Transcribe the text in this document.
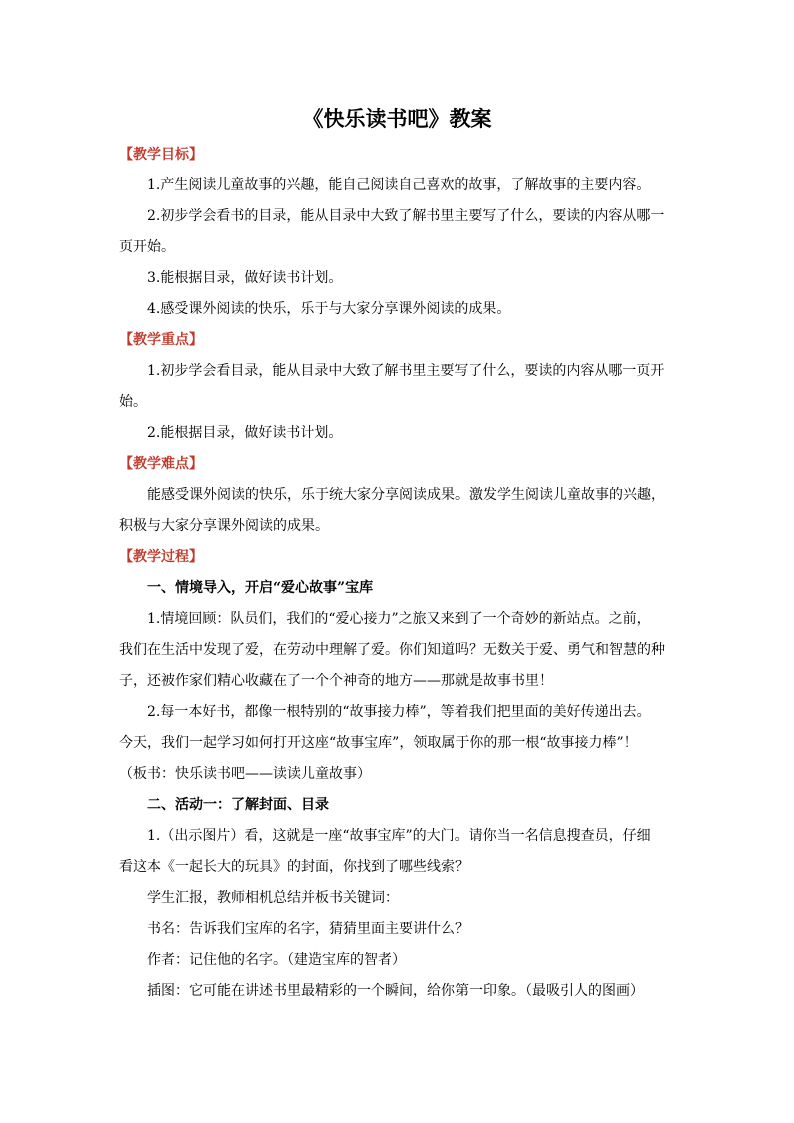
《快乐读书吧》教案
【教学目标】
1.产生阅读儿童故事的兴趣，能自己阅读自己喜欢的故事，了解故事的主要内容。
2.初步学会看书的目录，能从目录中大致了解书里主要写了什么，要读的内容从哪一
页开始。
3.能根据目录，做好读书计划。
4.感受课外阅读的快乐，乐于与大家分享课外阅读的成果。
【教学重点】
1.初步学会看目录，能从目录中大致了解书里主要写了什么，要读的内容从哪一页开
始。
2.能根据目录，做好读书计划。
【教学难点】
能感受课外阅读的快乐，乐于统大家分享阅读成果。激发学生阅读儿童故事的兴趣，
积极与大家分享课外阅读的成果。
【教学过程】
一、情境导入，开启“爱心故事”宝库
1.情境回顾：队员们，我们的“爱心接力”之旅又来到了一个奇妙的新站点。之前，
我们在生活中发现了爱，在劳动中理解了爱。你们知道吗？无数关于爱、勇气和智慧的种
子，还被作家们精心收藏在了一个个神奇的地方——那就是故事书里！
2.每一本好书，都像一根特别的“故事接力棒”，等着我们把里面的美好传递出去。
今天，我们一起学习如何打开这座“故事宝库”，领取属于你的那一根“故事接力棒”！
（板书：快乐读书吧——读读儿童故事）
二、活动一：了解封面、目录
1.（出示图片）看，这就是一座“故事宝库”的大门。请你当一名信息搜查员，仔细
看这本《一起长大的玩具》的封面，你找到了哪些线索？
学生汇报，教师相机总结并板书关键词：
书名：告诉我们宝库的名字，猜猜里面主要讲什么？
作者：记住他的名字。（建造宝库的智者）
插图：它可能在讲述书里最精彩的一个瞬间，给你第一印象。（最吸引人的图画）
